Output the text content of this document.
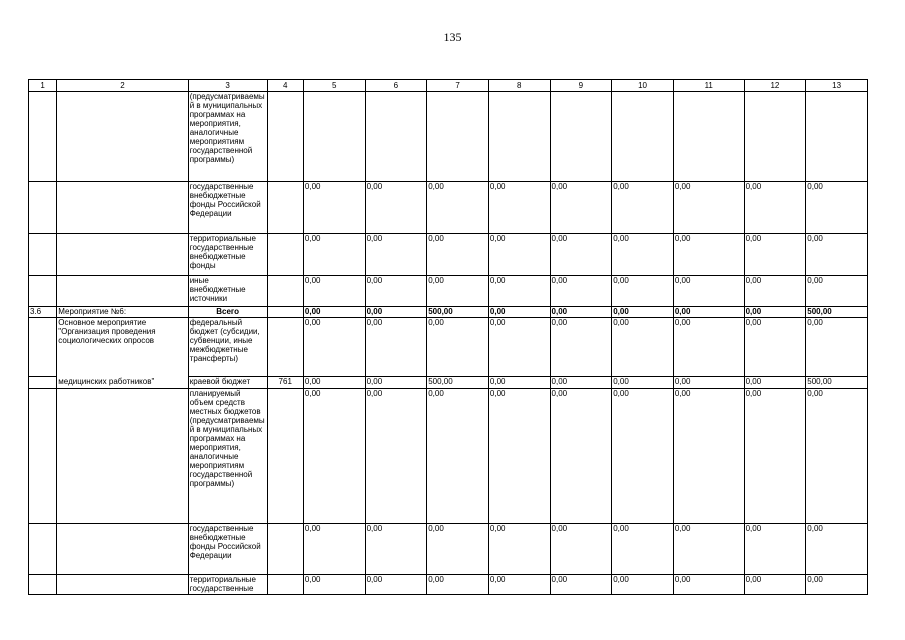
135
1	2	3	4	5	6	7	8	9	10	11	12	13
		(предусматриваемый в муниципальных программах на мероприятия, аналогичные мероприятиям государственной программы)										
		государственные внебюджетные фонды Российской Федерации		0,00	0,00	0,00	0,00	0,00	0,00	0,00	0,00	0,00
		территориальные государственные внебюджетные фонды		0,00	0,00	0,00	0,00	0,00	0,00	0,00	0,00	0,00
		иные внебюджетные источники		0,00	0,00	0,00	0,00	0,00	0,00	0,00	0,00	0,00
3.6	Мероприятие №6:	Всего		0,00	0,00	500,00	0,00	0,00	0,00	0,00	0,00	500,00
	Основное мероприятие "Организация проведения социологических опросов	федеральный бюджет (субсидии, субвенции, иные межбюджетные трансферты)		0,00	0,00	0,00	0,00	0,00	0,00	0,00	0,00	0,00
	медицинских работников"	краевой бюджет	761	0,00	0,00	500,00	0,00	0,00	0,00	0,00	0,00	500,00
		планируемый объем средств местных бюджетов (предусматриваемый в муниципальных программах на мероприятия, аналогичные мероприятиям государственной программы)		0,00	0,00	0,00	0,00	0,00	0,00	0,00	0,00	0,00
		государственные внебюджетные фонды Российской Федерации		0,00	0,00	0,00	0,00	0,00	0,00	0,00	0,00	0,00
		территориальные государственные		0,00	0,00	0,00	0,00	0,00	0,00	0,00	0,00	0,00
